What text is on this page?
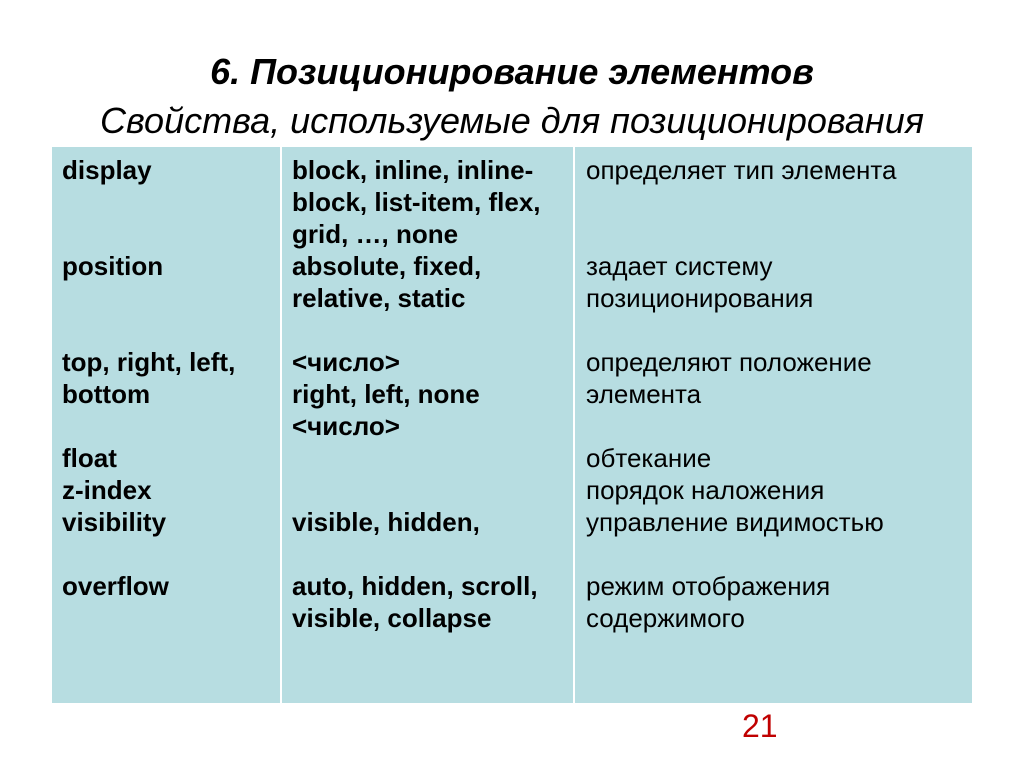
6. Позиционирование элементов
Свойства, используемые для позиционирования
display
position
top, right, left,
bottom
float
z-index
visibility
overflow
block, inline, inline-
block, list-item, flex,
grid, …, none
absolute, fixed,
relative, static
<число>
right, left, none
<число>
visible, hidden,
auto, hidden, scroll,
visible, collapse
определяет тип элемента
задает систему
позиционирования
определяют положение
элемента
обтекание
порядок наложения
управление видимостью
режим отображения
содержимого
21
